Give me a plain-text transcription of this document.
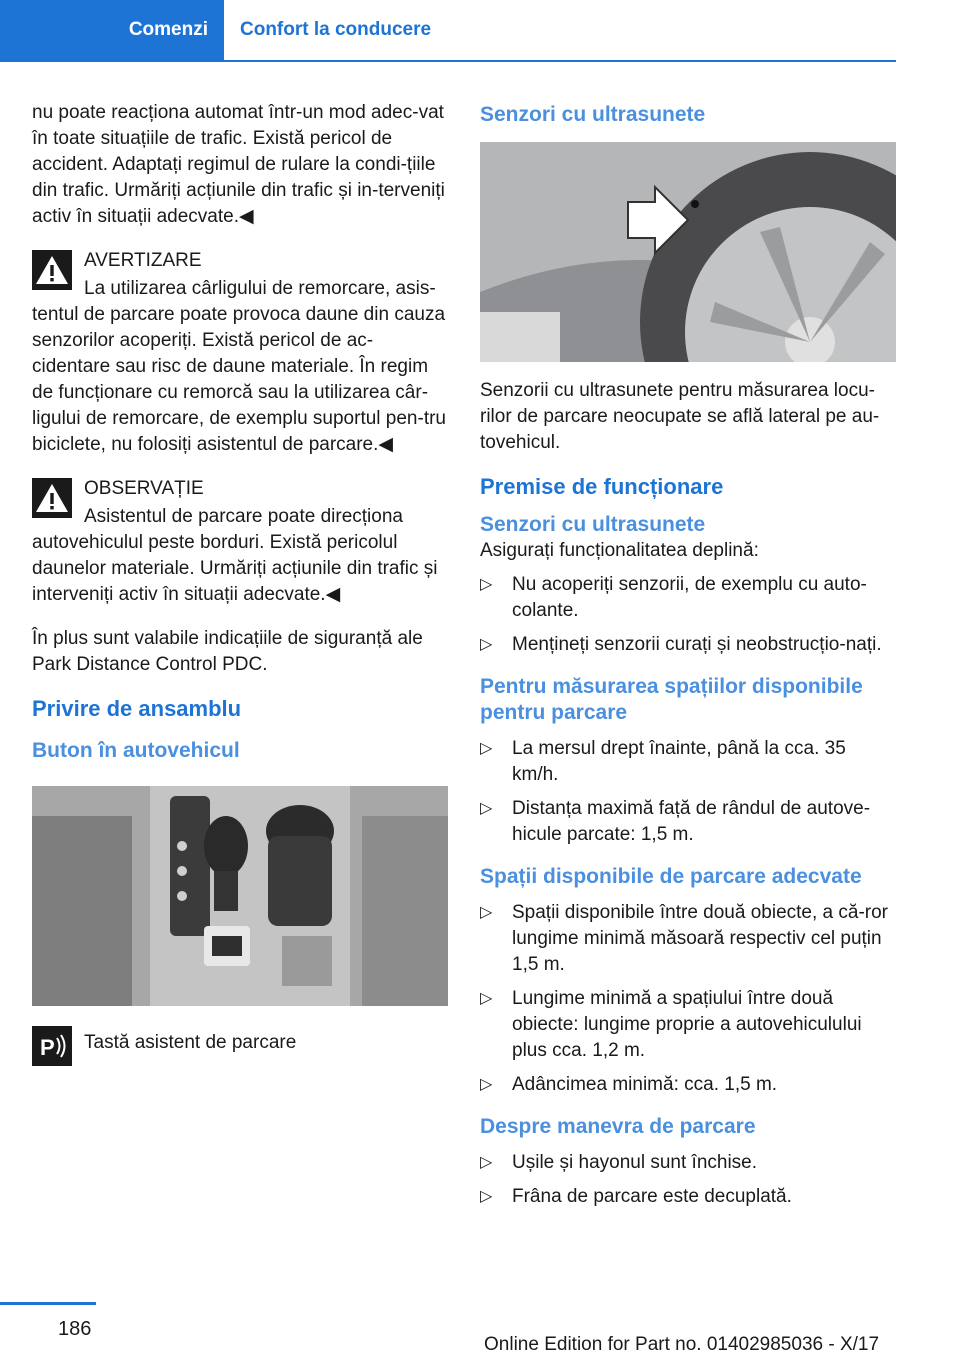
Comenzi	Confort la conducere

nu poate reacționa automat într-un mod adec-vat în toate situațiile de trafic. Există pericol de accident. Adaptați regimul de rulare la condi-țiile din trafic. Urmăriți acțiunile din trafic și in-terveniți activ în situații adecvate.◀

AVERTIZARE

La utilizarea cârligului de remorcare, asis-

tentul de parcare poate provoca daune din cauza senzorilor acoperiți. Există pericol de ac-cidentare sau risc de daune materiale. În regim de funcționare cu remorcă sau la utilizarea câr-ligului de remorcare, de exemplu suportul pen-tru biciclete, nu folosiți asistentul de parcare.◀

OBSERVAȚIE

Asistentul de parcare poate direcționa

autovehiculul peste borduri. Există pericolul daunelor materiale. Urmăriți acțiunile din trafic și interveniți activ în situații adecvate.◀

În plus sunt valabile indicațiile de siguranță ale Park Distance Control PDC.

Privire de ansamblu
Buton în autovehicul
P	Tastă asistent de parcare

Senzori cu ultrasunete

Senzorii cu ultrasunete pentru măsurarea locu-rilor de parcare neocupate se află lateral pe au-tovehicul.

Premise de funcționare
Senzori cu ultrasunete

Asigurați funcționalitatea deplină:

▷ Nu acoperiți senzorii, de exemplu cu auto-colante.
▷ Mențineți senzorii curați și neobstrucțio-nați.
Pentru măsurarea spațiilor disponibile pentru parcare
▷ La mersul drept înainte, până la cca. 35 km/h.
▷ Distanța maximă față de rândul de autove-hicule parcate: 1,5 m.
Spații disponibile de parcare adecvate
▷ Spații disponibile între două obiecte, a că-ror lungime minimă măsoară respectiv cel puțin 1,5 m.
▷ Lungime minimă a spațiului între două obiecte: lungime proprie a autovehiculului plus cca. 1,2 m.
▷ Adâncimea minimă: cca. 1,5 m.
Despre manevra de parcare
▷ Ușile și hayonul sunt închise.
▷ Frâna de parcare este decuplată.
186
Online Edition for Part no. 01402985036 - X/17
